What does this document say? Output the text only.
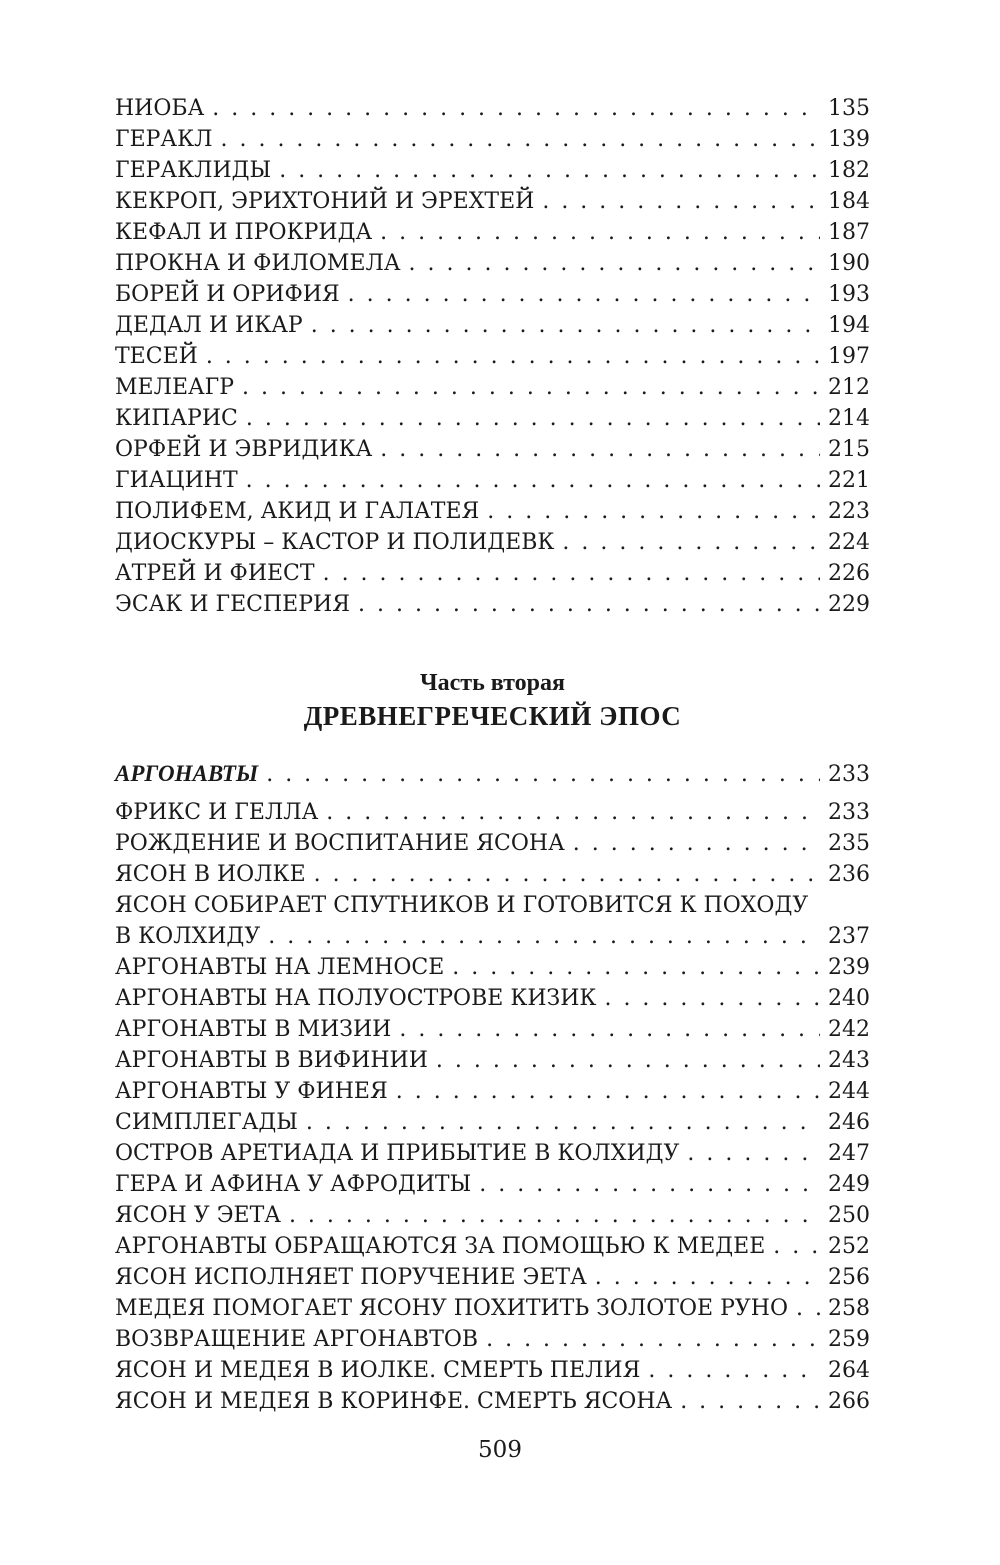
НИОБА . . .	135
ГЕРАКЛ . . .	139
ГЕРАКЛИДЫ . . .	182
КЕКРОП, ЭРИХТОНИЙ И ЭРЕХТЕЙ . . .	184
КЕФАЛ И ПРОКРИДА . . .	187
ПРОКНА И ФИЛОМЕЛА . . .	190
БОРЕЙ И ОРИФИЯ . . .	193
ДЕДАЛ И ИКАР . . .	194
ТЕСЕЙ . . .	197
МЕЛЕАГР . . .	212
КИПАРИС . . .	214
ОРФЕЙ И ЭВРИДИКА . . .	215
ГИАЦИНТ . . .	221
ПОЛИФЕМ, АКИД И ГАЛАТЕЯ . . .	223
ДИОСКУРЫ – КАСТОР И ПОЛИДЕВК . . .	224
АТРЕЙ И ФИЕСТ . . .	226
ЭСАК И ГЕСПЕРИЯ . . .	229
Часть вторая
ДРЕВНЕГРЕЧЕСКИЙ ЭПОС
АРГОНАВТЫ . . .	233
ФРИКС И ГЕЛЛА . . .	233
РОЖДЕНИЕ И ВОСПИТАНИЕ ЯСОНА . . .	235
ЯСОН В ИОЛКЕ . . .	236
ЯСОН СОБИРАЕТ СПУТНИКОВ И ГОТОВИТСЯ К ПОХОДУ
В КОЛХИДУ . . .	237
АРГОНАВТЫ НА ЛЕМНОСЕ . . .	239
АРГОНАВТЫ НА ПОЛУОСТРОВЕ КИЗИК . . .	240
АРГОНАВТЫ В МИЗИИ . . .	242
АРГОНАВТЫ В ВИФИНИИ . . .	243
АРГОНАВТЫ У ФИНЕЯ . . .	244
СИМПЛЕГАДЫ . . .	246
ОСТРОВ АРЕТИАДА И ПРИБЫТИЕ В КОЛХИДУ . . .	247
ГЕРА И АФИНА У АФРОДИТЫ . . .	249
ЯСОН У ЭЕТА . . .	250
АРГОНАВТЫ ОБРАЩАЮТСЯ ЗА ПОМОЩЬЮ К МЕДЕЕ . . .	252
ЯСОН ИСПОЛНЯЕТ ПОРУЧЕНИЕ ЭЕТА . . .	256
МЕДЕЯ ПОМОГАЕТ ЯСОНУ ПОХИТИТЬ ЗОЛОТОЕ РУНО . . . 258
ВОЗВРАЩЕНИЕ АРГОНАВТОВ . . .	259
ЯСОН И МЕДЕЯ В ИОЛКЕ. СМЕРТЬ ПЕЛИЯ . . .	264
ЯСОН И МЕДЕЯ В КОРИНФЕ. СМЕРТЬ ЯСОНА . . .	266
509
